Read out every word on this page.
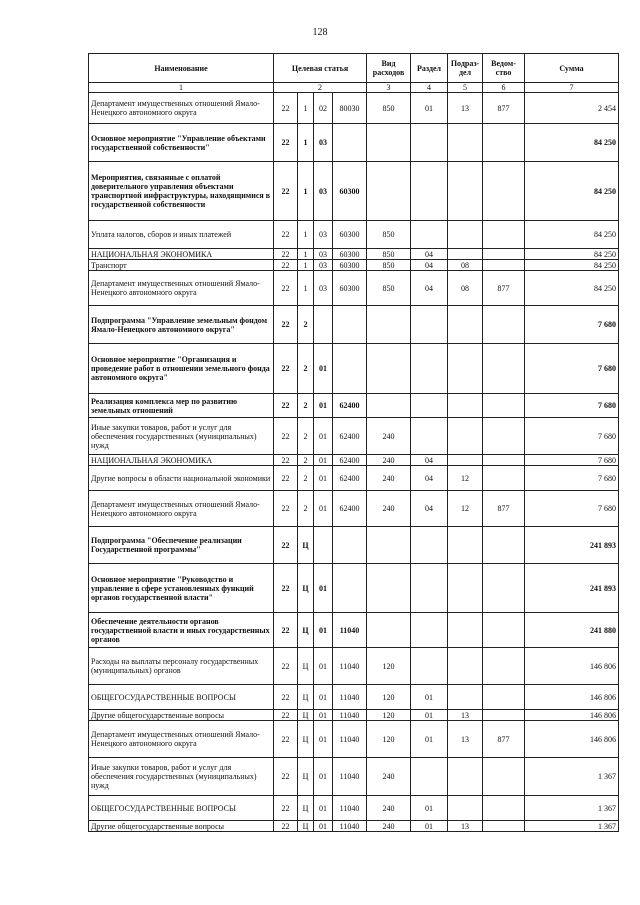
128
Наименование	Целевая статья				Вид расходов	Раздел	Подраз-дел	Ведом-ство	Сумма
1	2				3	4	5	6	7
Департамент имущественных отношений Ямало-Ненецкого автономного округа	22	1	02	80030	850	01	13	877	2 454
Основное мероприятие "Управление объектами государственной собственности"	22	1	03						84 250
Мероприятия, связанные с оплатой доверительного управления объектами транспортной инфраструктуры, находящимися в государственной собственности	22	1	03	60300					84 250
Уплата налогов, сборов и иных платежей	22	1	03	60300	850				84 250
НАЦИОНАЛЬНАЯ ЭКОНОМИКА	22	1	03	60300	850	04			84 250
Транспорт	22	1	03	60300	850	04	08		84 250
Департамент имущественных отношений Ямало-Ненецкого автономного округа	22	1	03	60300	850	04	08	877	84 250
Подпрограмма "Управление земельным фондом Ямало-Ненецкого автономного округа"	22	2							7 680
Основное мероприятие "Организация и проведение работ в отношении земельного фонда автономного округа"	22	2	01						7 680
Реализация комплекса мер по развитию земельных отношений	22	2	01	62400					7 680
Иные закупки товаров, работ и услуг для обеспечения государственных (муниципальных) нужд	22	2	01	62400	240				7 680
НАЦИОНАЛЬНАЯ ЭКОНОМИКА	22	2	01	62400	240	04			7 680
Другие вопросы в области национальной экономики	22	2	01	62400	240	04	12		7 680
Департамент имущественных отношений Ямало-Ненецкого автономного округа	22	2	01	62400	240	04	12	877	7 680
Подпрограмма "Обеспечение реализации Государственной программы"	22	Ц							241 893
Основное мероприятие "Руководство и управление в сфере установленных функций органов государственной власти"	22	Ц	01						241 893
Обеспечение деятельности органов государственной власти и иных государственных органов	22	Ц	01	11040					241 880
Расходы на выплаты персоналу государственных (муниципальных) органов	22	Ц	01	11040	120				146 806
ОБЩЕГОСУДАРСТВЕННЫЕ ВОПРОСЫ	22	Ц	01	11040	120	01			146 806
Другие общегосударственные вопросы	22	Ц	01	11040	120	01	13		146 806
Департамент имущественных отношений Ямало-Ненецкого автономного округа	22	Ц	01	11040	120	01	13	877	146 806
Иные закупки товаров, работ и услуг для обеспечения государственных (муниципальных) нужд	22	Ц	01	11040	240				1 367
ОБЩЕГОСУДАРСТВЕННЫЕ ВОПРОСЫ	22	Ц	01	11040	240	01			1 367
Другие общегосударственные вопросы	22	Ц	01	11040	240	01	13		1 367
